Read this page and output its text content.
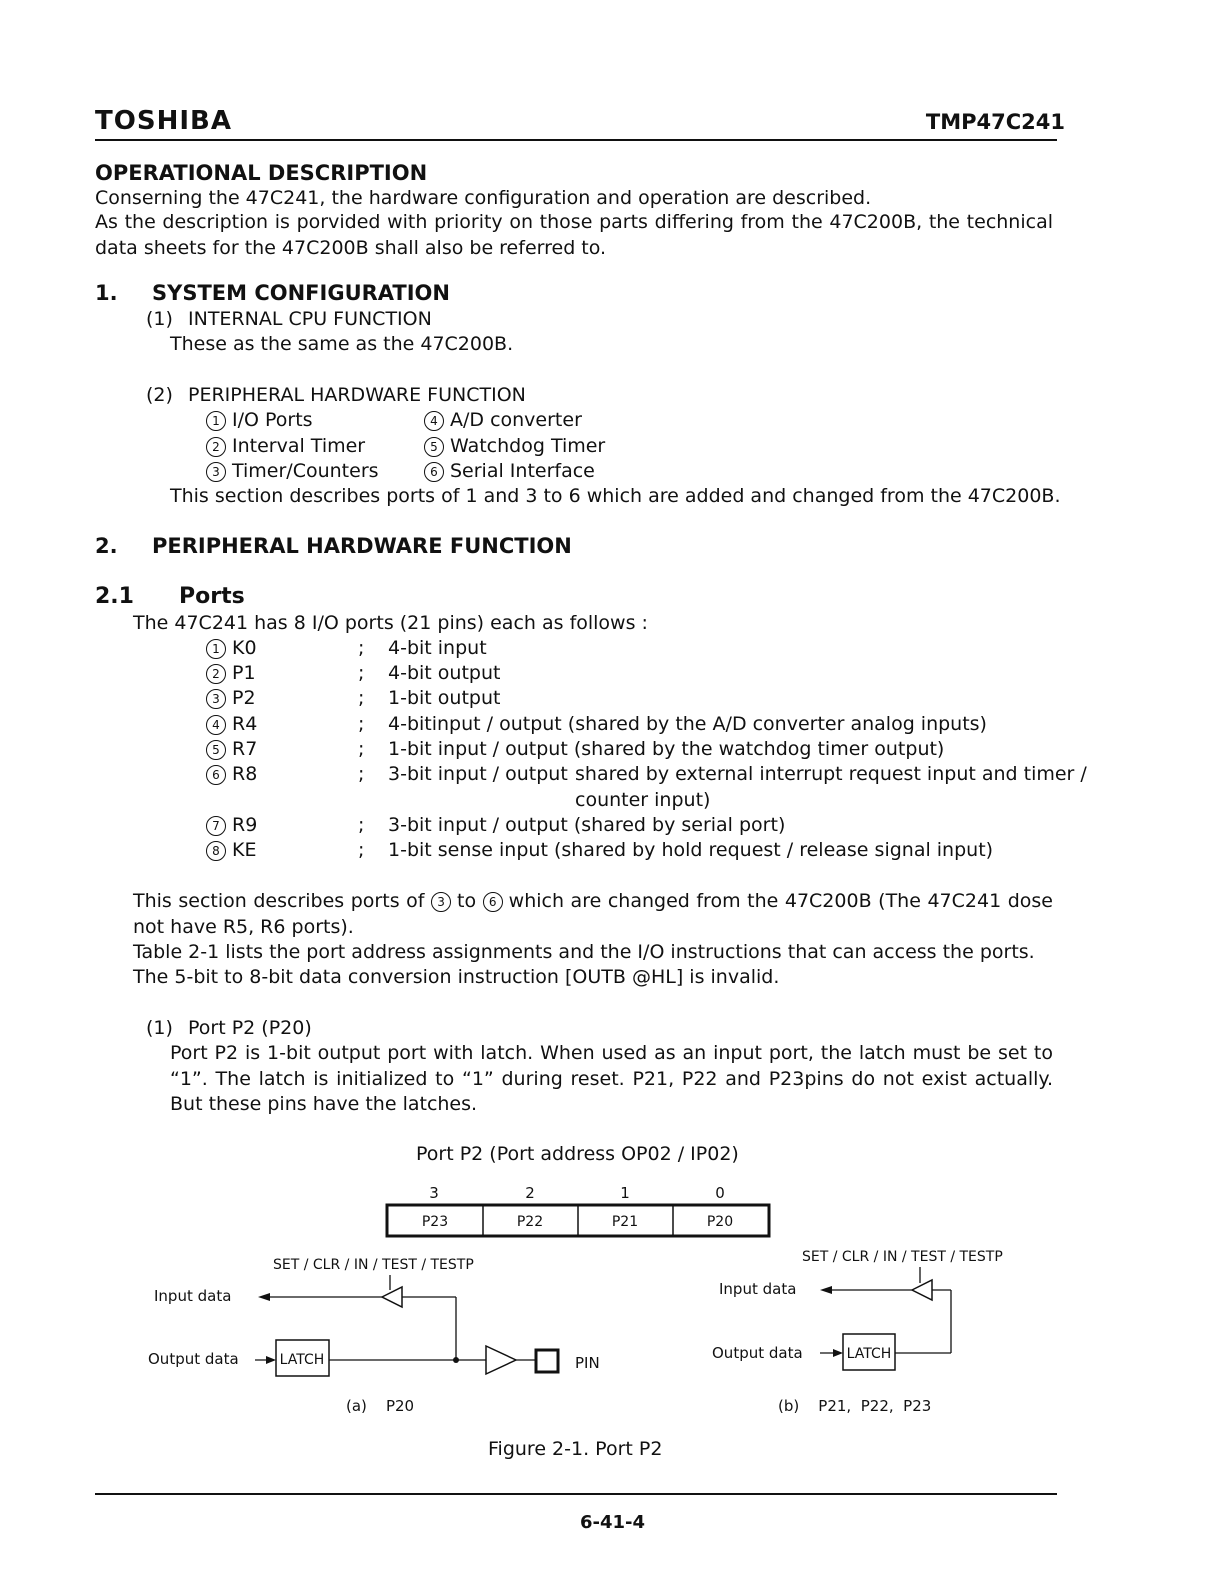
TOSHIBA	TMP47C241
OPERATIONAL DESCRIPTION
Conserning the 47C241, the hardware configuration and operation are described.
As the description is porvided with priority on those parts differing from the 47C200B, the technical data sheets for the 47C200B shall also be referred to.
1. SYSTEM CONFIGURATION
(1) INTERNAL CPU FUNCTION
These as the same as the 47C200B.
(2) PERIPHERAL HARDWARE FUNCTION
1 I/O Ports
2 Interval Timer
3 Timer/Counters
4 A/D converter
5 Watchdog Timer
6 Serial Interface
This section describes ports of 1 and 3 to 6 which are added and changed from the 47C200B.
2. PERIPHERAL HARDWARE FUNCTION
2.1 Ports
The 47C241 has 8 I/O ports (21 pins) each as follows :
1 K0	; 4-bit input
2 P1	; 4-bit output
3 P2	; 1-bit output
4 R4	; 4-bitinput / output (shared by the A/D converter analog inputs)
5 R7	; 1-bit input / output (shared by the watchdog timer output)
6 R8	; 3-bit input / output shared by external interrupt request input and timer /
counter input)
7 R9	; 3-bit input / output (shared by serial port)
8 KE	; 1-bit sense input (shared by hold request / release signal input)
This section describes ports of 3 to 6 which are changed from the 47C200B (The 47C241 dose not have R5, R6 ports).
Table 2-1 lists the port address assignments and the I/O instructions that can access the ports.
The 5-bit to 8-bit data conversion instruction [OUTB @HL] is invalid.
(1) Port P2 (P20)
Port P2 is 1-bit output port with latch. When used as an input port, the latch must be set to “1”. The latch is initialized to “1” during reset. P21, P22 and P23pins do not exist actually. But these pins have the latches.
Port P2 (Port address OP02 / IP02)
3	2	1	0
P23	P22	P21	P20
SET / CLR / IN / TEST / TESTP
Input data
Output data	LATCH	PIN
(a)    P20
SET / CLR / IN / TEST / TESTP
Input data
Output data	LATCH
(b)    P21,  P22,  P23
Figure 2-1. Port P2
6-41-4
